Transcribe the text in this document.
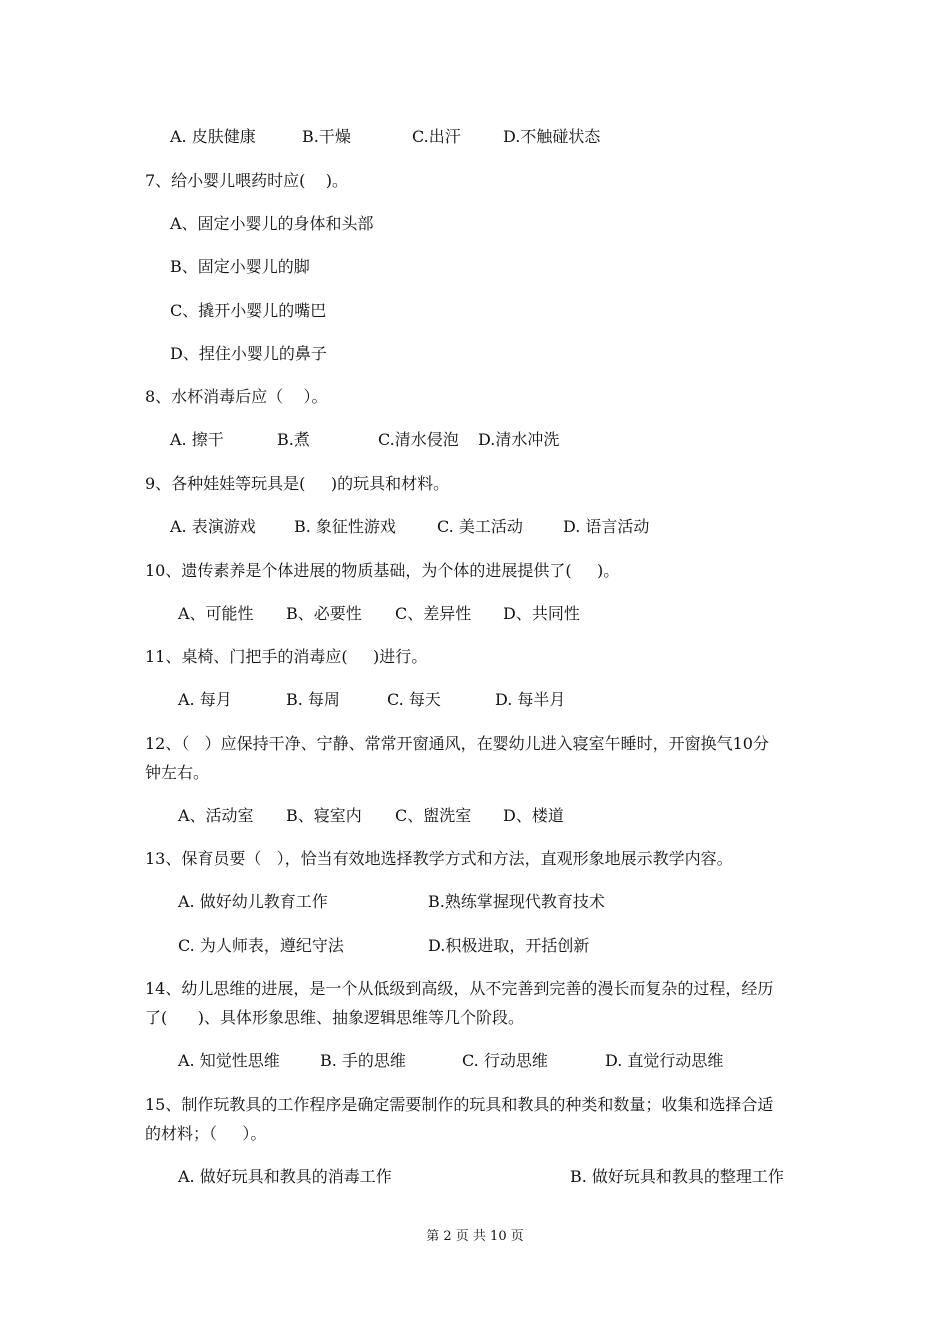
A. 皮肤健康	B.干燥	C.出汗	D.不触碰状态
7、给小婴儿喂药时应(    )。
A、固定小婴儿的身体和头部
B、固定小婴儿的脚
C、撬开小婴儿的嘴巴
D、捏住小婴儿的鼻子
8、水杯消毒后应（    ）。
A. 擦干	B.煮	C.清水侵泡 D.清水冲洗
9、各种娃娃等玩具是(     )的玩具和材料。
A. 表演游戏 B. 象征性游戏	C. 美工活动	D. 语言活动
10、遗传素养是个体进展的物质基础，为个体的进展提供了(     )。
A、可能性 B、必要性 C、差异性 D、共同性
11、桌椅、门把手的消毒应(     )进行。
A. 每月	B. 每周	C. 每天	D. 每半月
12、（   ）应保持干净、宁静、常常开窗通风，在婴幼儿进入寝室午睡时，开窗换气10分
钟左右。
A、活动室 B、寝室内 C、盥洗室 D、楼道
13、保育员要（   ），恰当有效地选择教学方式和方法，直观形象地展示教学内容。
A. 做好幼儿教育工作	B.熟练掌握现代教育技术
C. 为人师表，遵纪守法	D.积极进取，开括创新
14、幼儿思维的进展，是一个从低级到高级，从不完善到完善的漫长而复杂的过程，经历
了(      )、具体形象思维、抽象逻辑思维等几个阶段。
A. 知觉性思维	B. 手的思维	C. 行动思维	D. 直觉行动思维
15、制作玩教具的工作程序是确定需要制作的玩具和教具的种类和数量；收集和选择合适
的材料；（     ）。
A. 做好玩具和教具的消毒工作	B. 做好玩具和教具的整理工作
第 2 页 共 10 页
